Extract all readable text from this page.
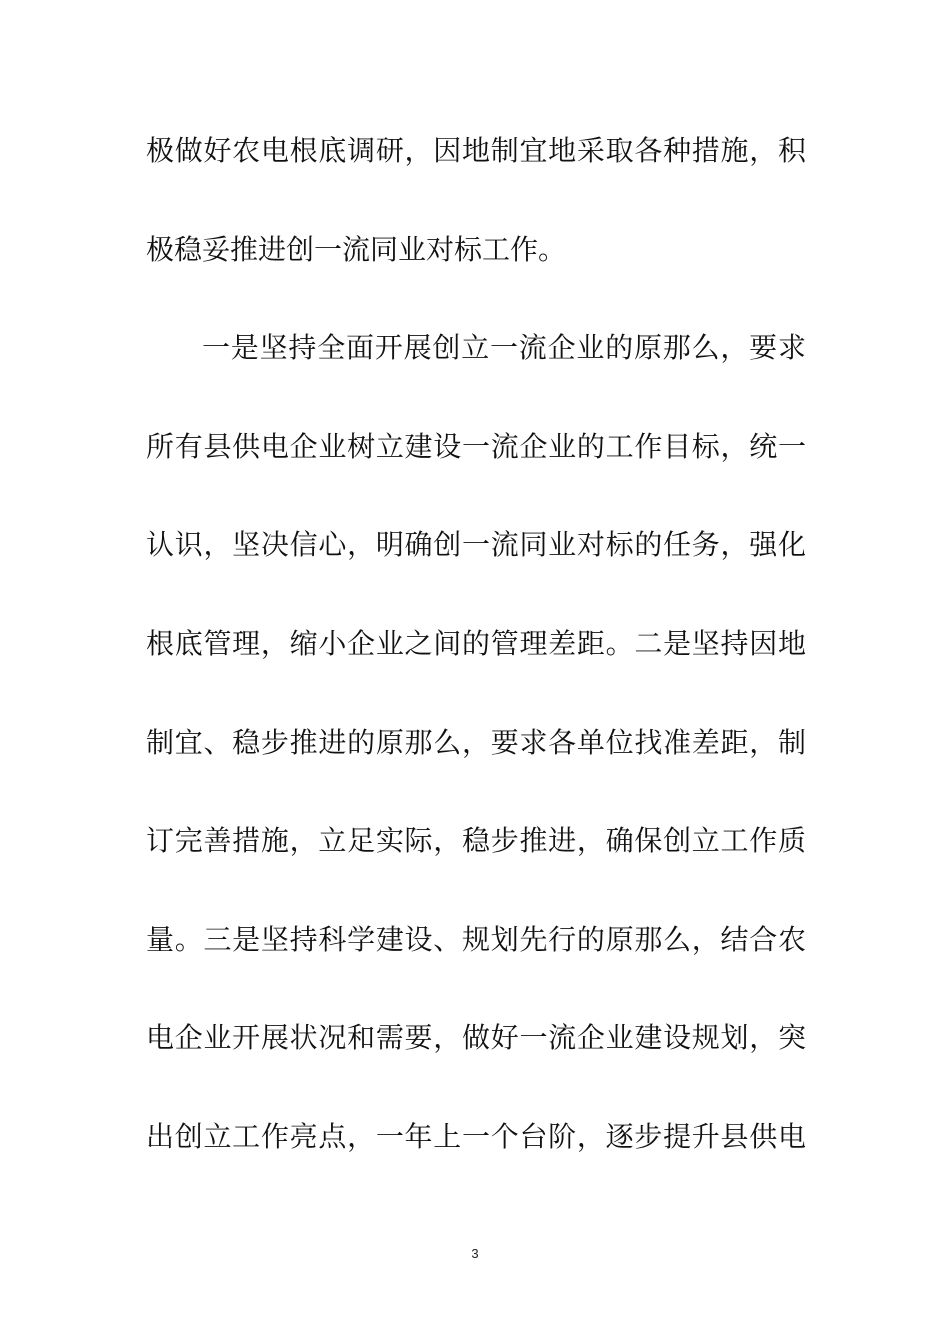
极做好农电根底调研，因地制宜地采取各种措施，积
极稳妥推进创一流同业对标工作。
一是坚持全面开展创立一流企业的原那么，要求
所有县供电企业树立建设一流企业的工作目标，统一
认识，坚决信心，明确创一流同业对标的任务，强化
根底管理，缩小企业之间的管理差距。二是坚持因地
制宜、稳步推进的原那么，要求各单位找准差距，制
订完善措施，立足实际，稳步推进，确保创立工作质
量。三是坚持科学建设、规划先行的原那么，结合农
电企业开展状况和需要，做好一流企业建设规划，突
出创立工作亮点，一年上一个台阶，逐步提升县供电
3
